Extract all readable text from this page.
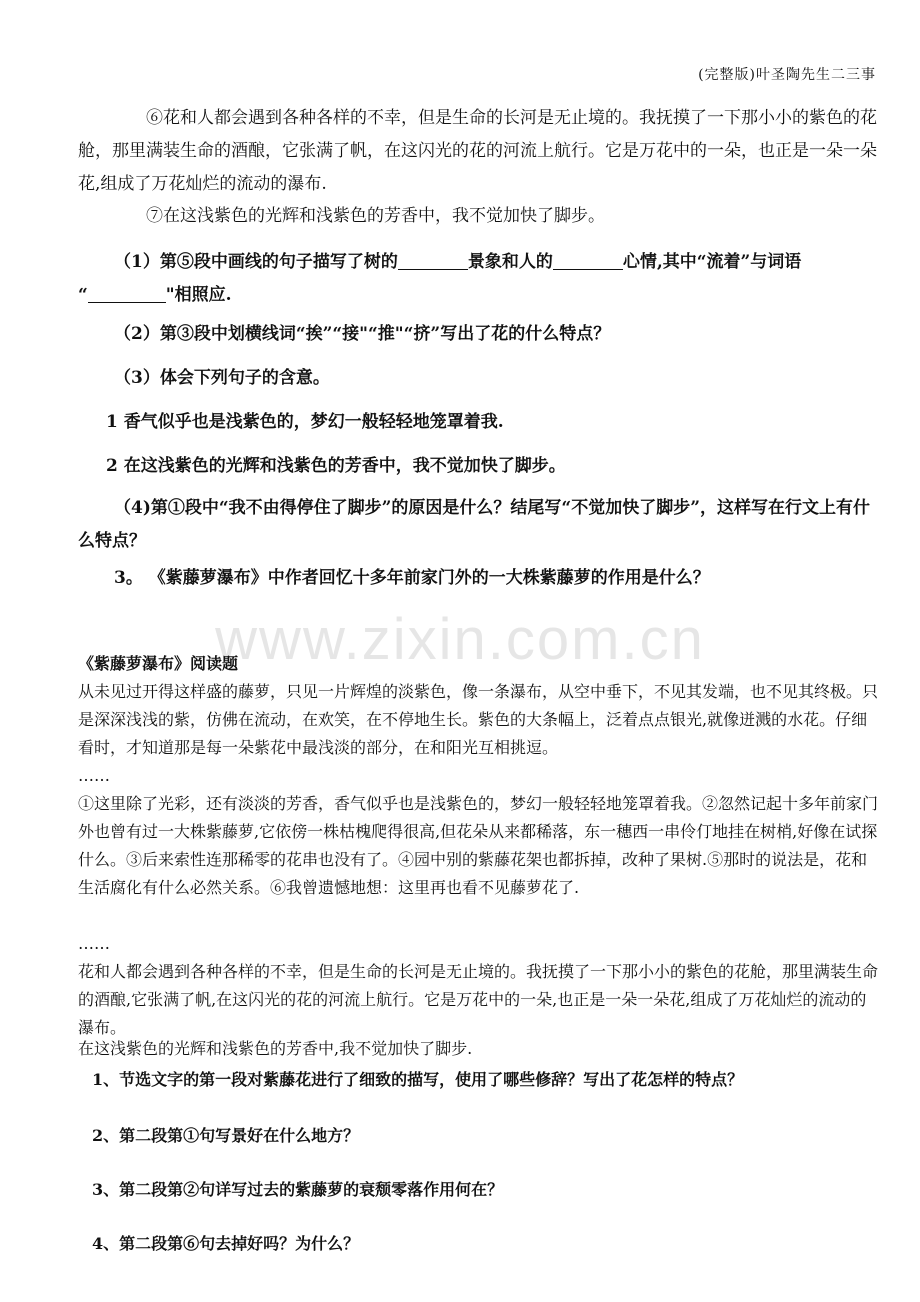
(完整版)叶圣陶先生二三事
www.zixin.com.cn

⑥花和人都会遇到各种各样的不幸，但是生命的长河是无止境的。我抚摸了一下那小小的紫色的花舱，那里满装生命的酒酿，它张满了帆，在这闪光的花的河流上航行。它是万花中的一朵，也正是一朵一朵花,组成了万花灿烂的流动的瀑布.

⑦在这浅紫色的光辉和浅紫色的芳香中，我不觉加快了脚步。

（1）第⑤段中画线的句子描写了树的	景象和人的	心情,其中“流着”与词语
“	"相照应.

（2）第③段中划横线词“挨”“接"“推"“挤”写出了花的什么特点？

（3）体会下列句子的含意。

1 香气似乎也是浅紫色的，梦幻一般轻轻地笼罩着我.

2 在这浅紫色的光辉和浅紫色的芳香中，我不觉加快了脚步。

（4)第①段中“我不由得停住了脚步”的原因是什么？结尾写“不觉加快了脚步”，这样写在行文上有什么特点？

3。 《紫藤萝瀑布》中作者回忆十多年前家门外的一大株紫藤萝的作用是什么？

《紫藤萝瀑布》阅读题

从未见过开得这样盛的藤萝，只见一片辉煌的淡紫色，像一条瀑布，从空中垂下，不见其发端，也不见其终极。只是深深浅浅的紫，仿佛在流动，在欢笑，在不停地生长。紫色的大条幅上，泛着点点银光,就像迸溅的水花。仔细看时，才知道那是每一朵紫花中最浅淡的部分，在和阳光互相挑逗。

……

①这里除了光彩，还有淡淡的芳香，香气似乎也是浅紫色的，梦幻一般轻轻地笼罩着我。②忽然记起十多年前家门外也曾有过一大株紫藤萝,它依傍一株枯槐爬得很高,但花朵从来都稀落，东一穗西一串伶仃地挂在树梢,好像在试探什么。③后来索性连那稀零的花串也没有了。④园中别的紫藤花架也都拆掉，改种了果树.⑤那时的说法是，花和生活腐化有什么必然关系。⑥我曾遗憾地想：这里再也看不见藤萝花了.

……

花和人都会遇到各种各样的不幸，但是生命的长河是无止境的。我抚摸了一下那小小的紫色的花舱，那里满装生命的酒酿,它张满了帆,在这闪光的花的河流上航行。它是万花中的一朵,也正是一朵一朵花,组成了万花灿烂的流动的瀑布。

在这浅紫色的光辉和浅紫色的芳香中,我不觉加快了脚步.

1、节选文字的第一段对紫藤花进行了细致的描写，使用了哪些修辞？写出了花怎样的特点？

2、第二段第①句写景好在什么地方？

3、第二段第②句详写过去的紫藤萝的衰颓零落作用何在？

4、第二段第⑥句去掉好吗？为什么？
